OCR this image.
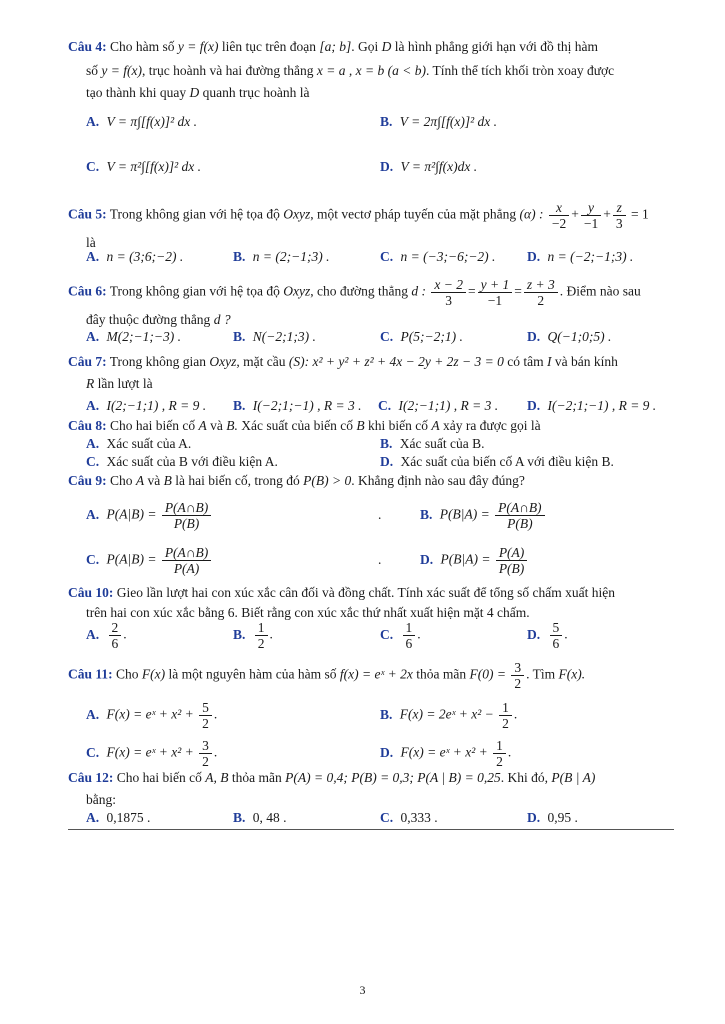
Câu 4: Cho hàm số y = f(x) liên tục trên đoạn [a; b]. Gọi D là hình phẳng giới hạn với đồ thị hàm
số y = f(x), trục hoành và hai đường thẳng x = a , x = b (a < b). Tính thể tích khối tròn xoay được
tạo thành khi quay D quanh trục hoành là
A. V = π∫[f(x)]² dx .	B. V = 2π∫[f(x)]² dx .
C. V = π²∫[f(x)]² dx .	D. V = π²∫f(x)dx .
Câu 5: Trong không gian với hệ tọa độ Oxyz, một vectơ pháp tuyến của mặt phẳng (α) : $\frac{x}{-2} + \frac{y}{-1} + \frac{z}{3} = 1$
là
A. n = (3;6;−2) .	B. n = (2;−1;3) .	C. n = (−3;−6;−2) . D. n = (−2;−1;3) .
Câu 6: Trong không gian với hệ tọa độ Oxyz, cho đường thẳng d : $\frac{x - 2}{3} = \frac{y + 1}{-1} = \frac{z + 3}{2}$ . Điểm nào sau
đây thuộc đường thẳng d ?
A. M(2;−1;−3) .	B. N(−2;1;3) .	C. P(5;−2;1) .	D. Q(−1;0;5) .
Câu 7: Trong không gian Oxyz, mặt cầu (S): x² + y² + z² + 4x − 2y + 2z − 3 = 0 có tâm I và bán kính
R lần lượt là
A. I(2;−1;1) , R = 9 . B. I(−2;1;−1) , R = 3 . C. I(2;−1;1) , R = 3 . D. I(−2;1;−1) , R = 9 .
Câu 8: Cho hai biến cố A và B. Xác suất của biến cố B khi biến cố A xảy ra được gọi là
A. Xác suất của A.	B. Xác suất của B.
C. Xác suất của B với điều kiện A.	D. Xác suất của biến cố A với điều kiện B.
Câu 9: Cho A và B là hai biến cố, trong đó P(B) > 0. Khẳng định nào sau đây đúng?
A. $P(A|B) = \frac{P(A\cap B)}{P(B)}$	.	B. $P(B|A) = \frac{P(A\cap B)}{P(B)}$
C. $P(A|B) = \frac{P(A\cap B)}{P(A)}$	.	D. $P(B|A) = \frac{P(A)}{P(B)}$
Câu 10: Gieo lần lượt hai con xúc xắc cân đối và đồng chất. Tính xác suất để tổng số chấm xuất hiện
trên hai con xúc xắc bằng 6. Biết rằng con xúc xắc thứ nhất xuất hiện mặt 4 chấm.
A. $\frac{2}{6}$ .	B. $\frac{1}{2}$ .	C. $\frac{1}{6}$ .	D. $\frac{5}{6}$ .
Câu 11: Cho F(x) là một nguyên hàm của hàm số f(x) = eˣ + 2x thỏa mãn $F(0) = \frac{3}{2}$ . Tìm F(x).
A. F(x) = eˣ + $x^2 + \frac{5}{2}$ .	B. F(x) = 2eˣ + $x^2 - \frac{1}{2}$ .
C. F(x) = eˣ + $x^2 + \frac{3}{2}$ .	D. F(x) = eˣ + $x^2 + \frac{1}{2}$ .
Câu 12: Cho hai biến cố A, B thỏa mãn P(A) = 0,4; P(B) = 0,3; P(A | B) = 0,25. Khi đó, P(B | A)
bằng:
A. 0,1875 .	B. 0, 48 .	C. 0,333 .	D. 0,95 .
3
